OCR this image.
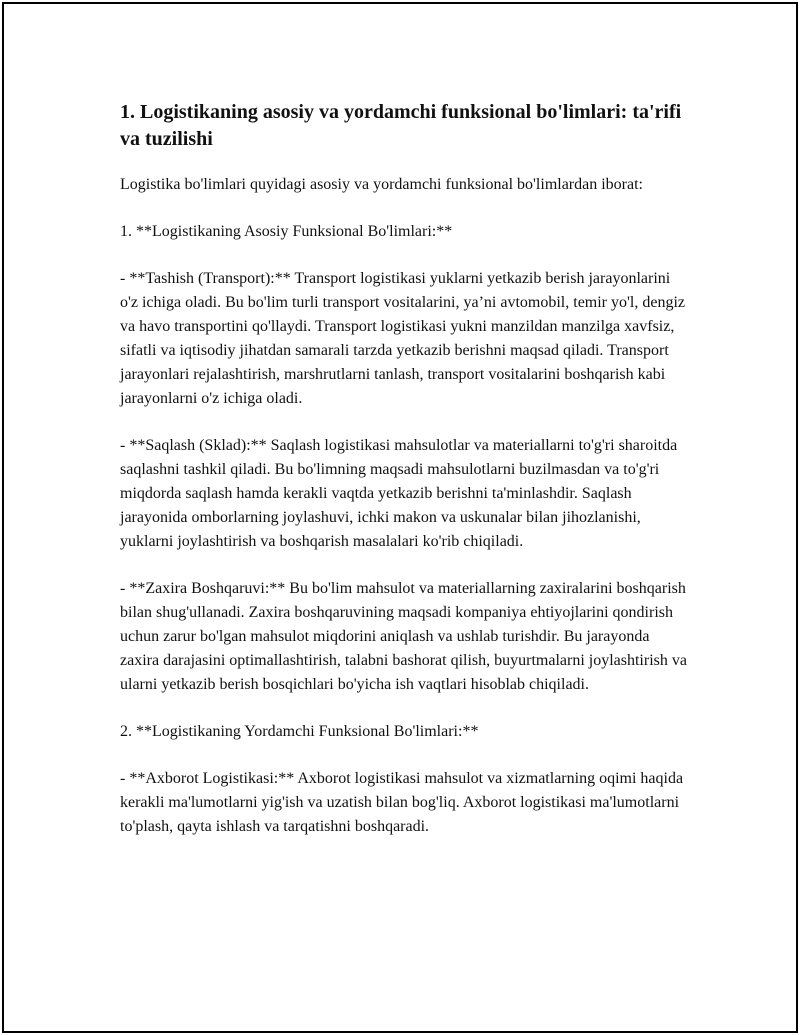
1. Logistikaning asosiy va yordamchi funksional bo'limlari: ta'rifi va tuzilishi

Logistika bo'limlari quyidagi asosiy va yordamchi funksional bo'limlardan iborat:

1. **Logistikaning Asosiy Funksional Bo'limlari:**

- **Tashish (Transport):** Transport logistikasi yuklarni yetkazib berish jarayonlarini o'z ichiga oladi. Bu bo'lim turli transport vositalarini, ya’ni avtomobil, temir yo'l, dengiz va havo transportini qo'llaydi. Transport logistikasi yukni manzildan manzilga xavfsiz, sifatli va iqtisodiy jihatdan samarali tarzda yetkazib berishni maqsad qiladi. Transport jarayonlari rejalashtirish, marshrutlarni tanlash, transport vositalarini boshqarish kabi jarayonlarni o'z ichiga oladi.

- **Saqlash (Sklad):** Saqlash logistikasi mahsulotlar va materiallarni to'g'ri sharoitda saqlashni tashkil qiladi. Bu bo'limning maqsadi mahsulotlarni buzilmasdan va to'g'ri miqdorda saqlash hamda kerakli vaqtda yetkazib berishni ta'minlashdir. Saqlash jarayonida omborlarning joylashuvi, ichki makon va uskunalar bilan jihozlanishi, yuklarni joylashtirish va boshqarish masalalari ko'rib chiqiladi.

- **Zaxira Boshqaruvi:** Bu bo'lim mahsulot va materiallarning zaxiralarini boshqarish bilan shug'ullanadi. Zaxira boshqaruvining maqsadi kompaniya ehtiyojlarini qondirish uchun zarur bo'lgan mahsulot miqdorini aniqlash va ushlab turishdir. Bu jarayonda zaxira darajasini optimallashtirish, talabni bashorat qilish, buyurtmalarni joylashtirish va ularni yetkazib berish bosqichlari bo'yicha ish vaqtlari hisoblab chiqiladi.

2. **Logistikaning Yordamchi Funksional Bo'limlari:**

- **Axborot Logistikasi:** Axborot logistikasi mahsulot va xizmatlarning oqimi haqida kerakli ma'lumotlarni yig'ish va uzatish bilan bog'liq. Axborot logistikasi ma'lumotlarni to'plash, qayta ishlash va tarqatishni boshqaradi.
